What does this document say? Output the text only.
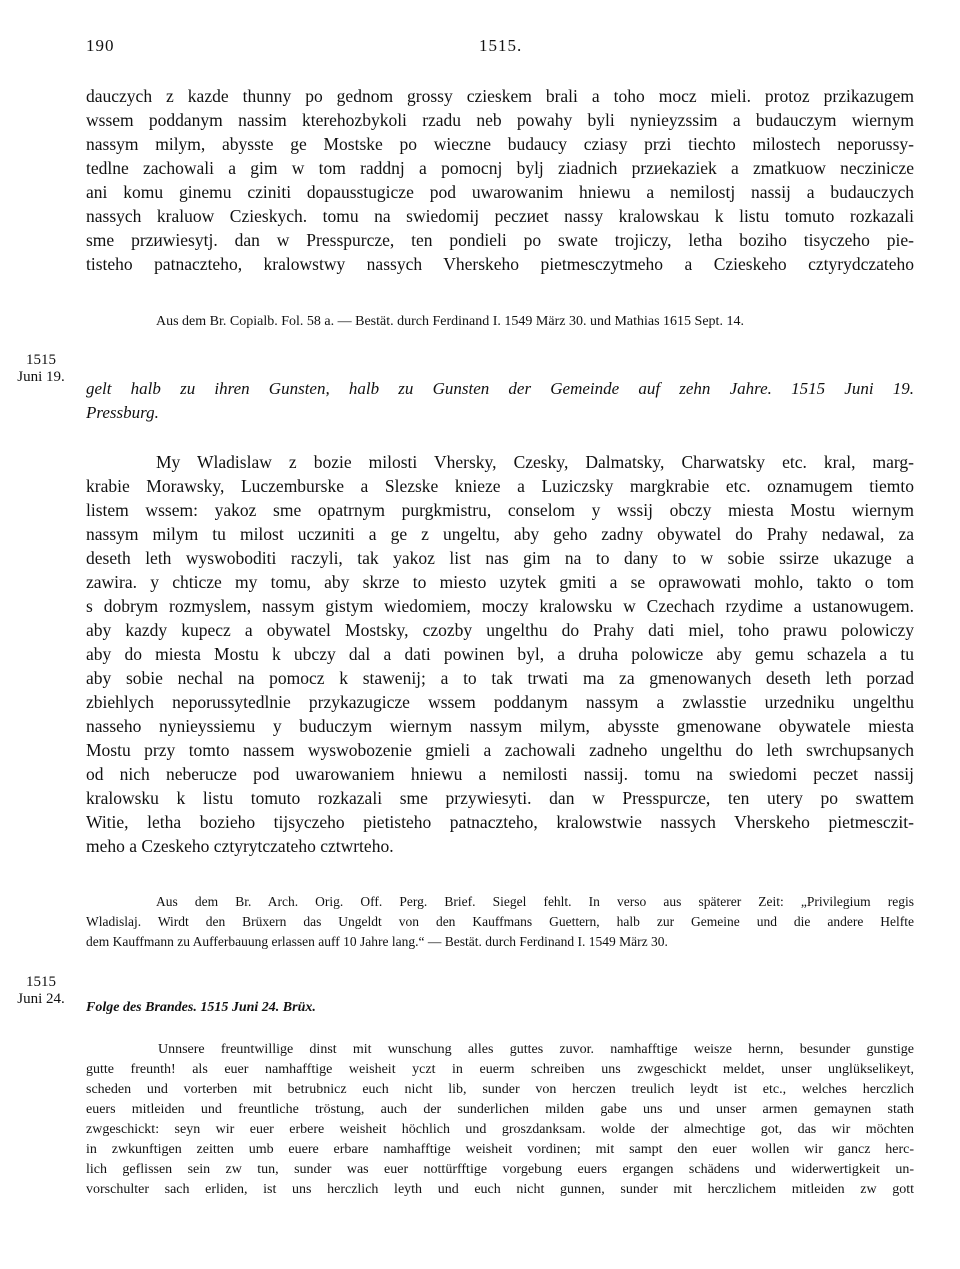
190	1515.
dauczych z kazde thunny po gednom grossy czieskem brali a toho mocz mieli. protoz przikazugem
wssem poddanym nassim kterehozbykoli rzadu neb powahy byli nynieyzssim a budauczym wiernym
nassym milym, abysste ge Mostske po wieczne budaucy cziasy przi tiechto milostech neporussy-
tedlne zachowali a gim w tom raddnj a pomocnj bylj ziadnich przиekaziek a zmatkuow necziniсze
ani komu ginemu cziniti dopausstugicze pod uwarowanim hniewu a nemilostj nassij a budauczych
nassych kraluow Czieskych. tomu na swiedomij peczиet nassy kralowskau k listu tomuto rozkazali
sme przиwiesytj. dan w Presspurcze, ten pondieli po swate trojiczy, letha boziho tisyczeho pie-
tisteho patnaczteho, kralowstwy nassych Vherskeho pietmesczytmeho a Czieskeho cztyrydczateho

Aus dem Br. Copialb. Fol. 58 a. — Bestät. durch Ferdinand I. 1549 März 30. und Mathias 1615 Sept. 14.
1515
Juni 19.

gelt halb zu ihren Gunsten, halb zu Gunsten der Gemeinde auf zehn Jahre. 1515 Juni 19.
Pressburg.
My Wladislaw z bozie milosti Vhersky, Czesky, Dalmatsky, Charwatsky etc. kral, marg-
krabie Morawsky, Luczemburske a Slezske knieze a Luziczsky margkrabie etc. oznamugem tiemto
listem wssem: yakoz sme opatrnym purgkmistru, conselom y wssij obczy miesta Mostu wiernym
nassym milym tu milost uczиniti a ge z ungeltu, aby geho zadny obywatel do Prahy nedawal, za
deseth leth wyswoboditi raczyli, tak yakoz list nas gim na to dany to w sobie ssirze ukazuge a
zawira. y chticze my tomu, aby skrze to miesto uzytek gmiti a se oprawowati mohlo, takto o tom
s dobrym rozmyslem, nassym gistym wiedomiem, moczy kralowsku w Czechach rzydime a ustanowugem.
aby kazdy kupecz a obywatel Mostsky, czozby ungelthu do Prahy dati miel, toho prawu polowiczy
aby do miesta Mostu k ubczy dal a dati powinen byl, a druha polowicze aby gemu schazela a tu
aby sobie nechal na pomocz k stawenij; a to tak trwati ma za gmenowanych deseth leth porzad
zbiehlych neporussytedlnie przykazugicze wssem poddanym nassym a zwlasstie urzedniku ungelthu
nasseho nynieyssiemu y buduczym wiernym nassym milym, abysste gmenowane obywatele miesta
Mostu przy tomto nassem wyswobozenie gmieli a zachowali zadneho ungelthu do leth swrchupsanych
od nich neberucze pod uwarowaniem hniewu a nemilosti nassij. tomu na swiedomi peczet nassij
kralowsku k listu tomuto rozkazali sme przywiesyti. dan w Presspurcze, ten utery po swattem
Witie, letha bozieho tijsyczeho pietisteho patnaczteho, kralowstwie nassych Vherskeho pietmesczit-
meho a Czeskeho cztyrytczateho cztwrteho.

Aus dem Br. Arch. Orig. Off. Perg. Brief. Siegel fehlt. In verso aus späterer Zeit: „Privilegium regis
Wladislaj. Wirdt den Brüxern das Ungeldt von den Kauffmans Guettern, halb zur Gemeine und die andere Helfte
dem Kauffmann zu Aufferbauung erlassen auff 10 Jahre lang.“ — Bestät. durch Ferdinand I. 1549 März 30.
1515
Juni 24.

Folge des Brandes. 1515 Juni 24. Brüx.
Unnsere freuntwillige dinst mit wunschung alles guttes zuvor. namhafftige weisze hernn, besunder gunstige
gutte freunth! als euer namhafftige weisheit yczt in euerm schreiben uns zwgeschickt meldet, unser unglükselikeyt,
scheden und vorterben mit betrubnicz euch nicht lib, sunder von herczen treulich leydt ist etc., welches herczlich
euers mitleiden und freuntliche tröstung, auch der sunderlichen milden gabe uns und unser armen gemaynen stath
zwgeschickt: seyn wir euer erbere weisheit höchlich und groszdanksam. wolde der almechtige got, das wir möchten
in zwkunftigen zeitten umb euere erbare namhafftige weisheit vordinen; mit sampt den euer wollen wir gancz herc-
lich geflissen sein zw tun, sunder was euer nottürfftige vorgebung euers ergangen schädens und widerwertigkeit un-
vorschulter sach erliden, ist uns herczlich leyth und euch nicht gunnen, sunder mit herczlichem mitleiden zw gott
